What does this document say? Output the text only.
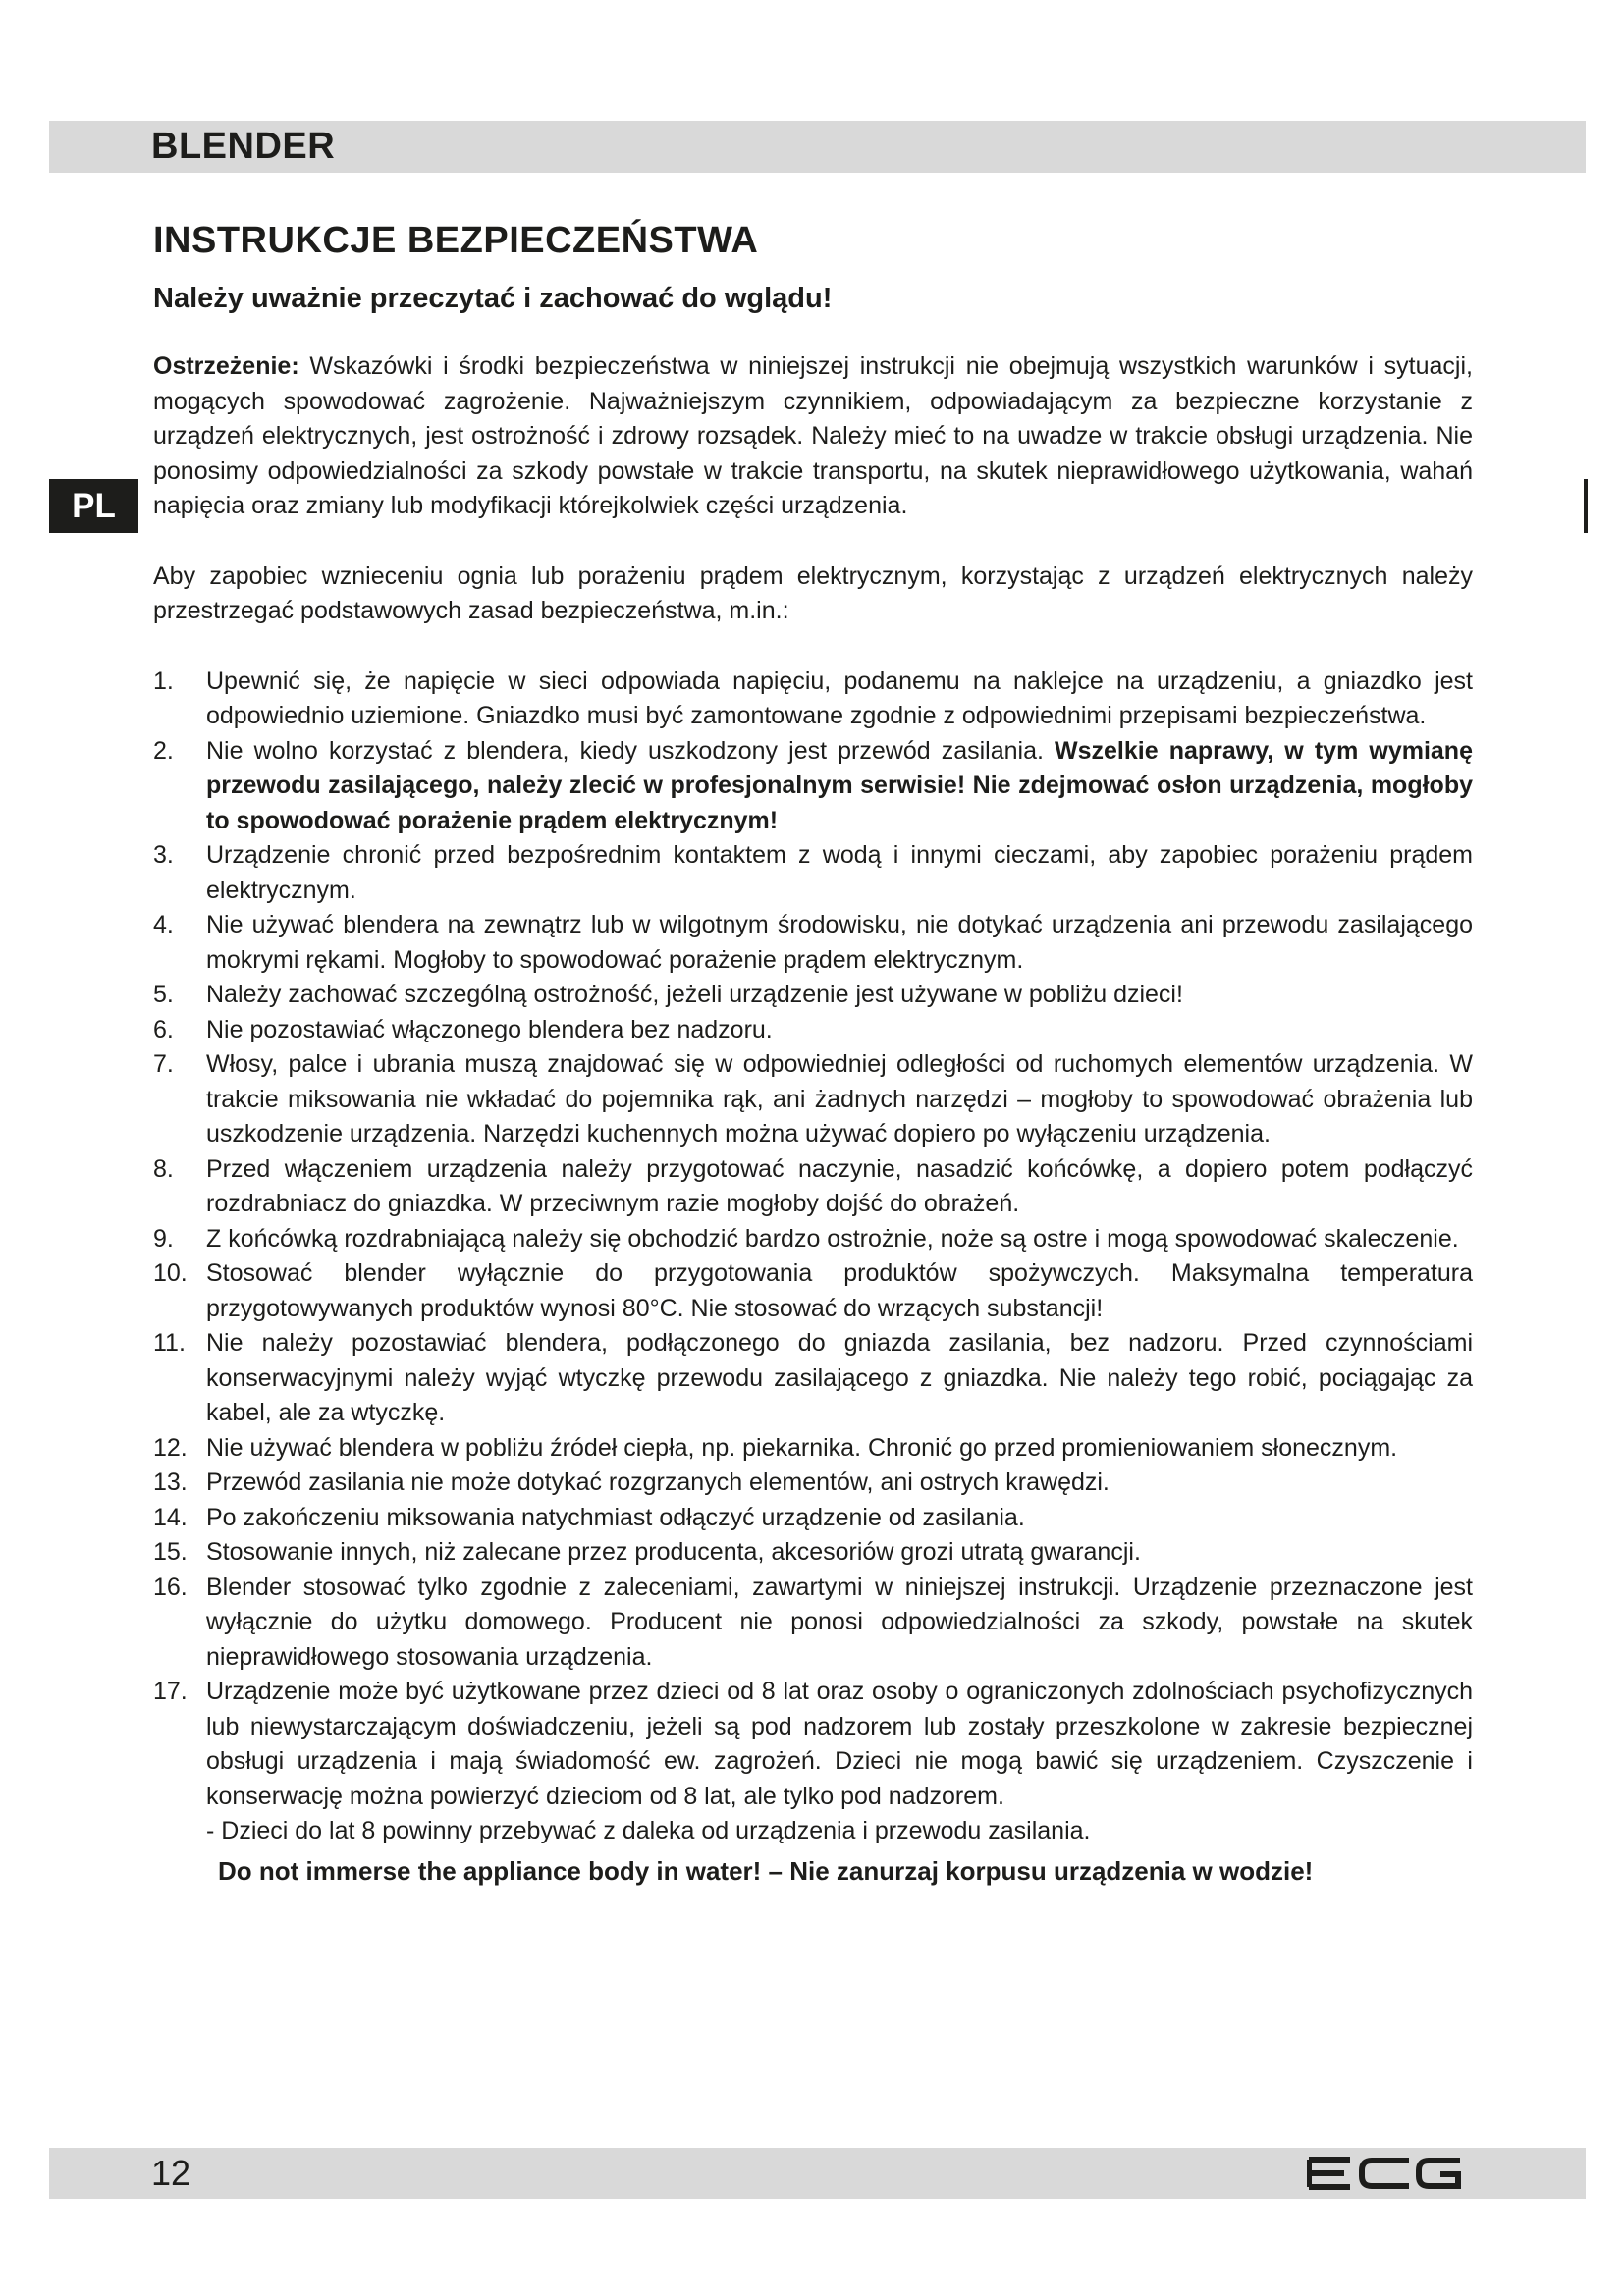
BLENDER
PL
INSTRUKCJE BEZPIECZEŃSTWA
Należy uważnie przeczytać i zachować do wglądu!

Ostrzeżenie: Wskazówki i środki bezpieczeństwa w niniejszej instrukcji nie obejmują wszystkich warunków i sytuacji, mogących spowodować zagrożenie. Najważniejszym czynnikiem, odpowiadającym za bezpieczne korzystanie z urządzeń elektrycznych, jest ostrożność i zdrowy rozsądek. Należy mieć to na uwadze w trakcie obsługi urządzenia. Nie ponosimy odpowiedzialności za szkody powstałe w trakcie transportu, na skutek nieprawidłowego użytkowania, wahań napięcia oraz zmiany lub modyfikacji którejkolwiek części urządzenia.

Aby zapobiec wznieceniu ognia lub porażeniu prądem elektrycznym, korzystając z urządzeń elektrycznych należy przestrzegać podstawowych zasad bezpieczeństwa, m.in.:

1. Upewnić się, że napięcie w sieci odpowiada napięciu, podanemu na naklejce na urządzeniu, a gniazdko jest odpowiednio uziemione. Gniazdko musi być zamontowane zgodnie z odpowiednimi przepisami bezpieczeństwa.
2. Nie wolno korzystać z blendera, kiedy uszkodzony jest przewód zasilania. Wszelkie naprawy, w tym wymianę przewodu zasilającego, należy zlecić w profesjonalnym serwisie! Nie zdejmować osłon urządzenia, mogłoby to spowodować porażenie prądem elektrycznym!
3. Urządzenie chronić przed bezpośrednim kontaktem z wodą i innymi cieczami, aby zapobiec porażeniu prądem elektrycznym.
4. Nie używać blendera na zewnątrz lub w wilgotnym środowisku, nie dotykać urządzenia ani przewodu zasilającego mokrymi rękami. Mogłoby to spowodować porażenie prądem elektrycznym.
5. Należy zachować szczególną ostrożność, jeżeli urządzenie jest używane w pobliżu dzieci!
6. Nie pozostawiać włączonego blendera bez nadzoru.
7. Włosy, palce i ubrania muszą znajdować się w odpowiedniej odległości od ruchomych elementów urządzenia. W trakcie miksowania nie wkładać do pojemnika rąk, ani żadnych narzędzi – mogłoby to spowodować obrażenia lub uszkodzenie urządzenia. Narzędzi kuchennych można używać dopiero po wyłączeniu urządzenia.
8. Przed włączeniem urządzenia należy przygotować naczynie, nasadzić końcówkę, a dopiero potem podłączyć rozdrabniacz do gniazdka. W przeciwnym razie mogłoby dojść do obrażeń.
9. Z końcówką rozdrabniającą należy się obchodzić bardzo ostrożnie, noże są ostre i mogą spowodować skaleczenie.
10. Stosować blender wyłącznie do przygotowania produktów spożywczych. Maksymalna temperatura przygotowywanych produktów wynosi 80°C. Nie stosować do wrzących substancji!
11. Nie należy pozostawiać blendera, podłączonego do gniazda zasilania, bez nadzoru. Przed czynnościami konserwacyjnymi należy wyjąć wtyczkę przewodu zasilającego z gniazdka. Nie należy tego robić, pociągając za kabel, ale za wtyczkę.
12. Nie używać blendera w pobliżu źródeł ciepła, np. piekarnika. Chronić go przed promieniowaniem słonecznym.
13. Przewód zasilania nie może dotykać rozgrzanych elementów, ani ostrych krawędzi.
14. Po zakończeniu miksowania natychmiast odłączyć urządzenie od zasilania.
15. Stosowanie innych, niż zalecane przez producenta, akcesoriów grozi utratą gwarancji.
16. Blender stosować tylko zgodnie z zaleceniami, zawartymi w niniejszej instrukcji. Urządzenie przeznaczone jest wyłącznie do użytku domowego. Producent nie ponosi odpowiedzialności za szkody, powstałe na skutek nieprawidłowego stosowania urządzenia.
17. Urządzenie może być użytkowane przez dzieci od 8 lat oraz osoby o ograniczonych zdolnościach psychofizycznych lub niewystarczającym doświadczeniu, jeżeli są pod nadzorem lub zostały przeszkolone w zakresie bezpiecznej obsługi urządzenia i mają świadomość ew. zagrożeń. Dzieci nie mogą bawić się urządzeniem. Czyszczenie i konserwację można powierzyć dzieciom od 8 lat, ale tylko pod nadzorem.

- Dzieci do lat 8 powinny przebywać z daleka od urządzenia i przewodu zasilania.

Do not immerse the appliance body in water! – Nie zanurzaj korpusu urządzenia w wodzie!

12
